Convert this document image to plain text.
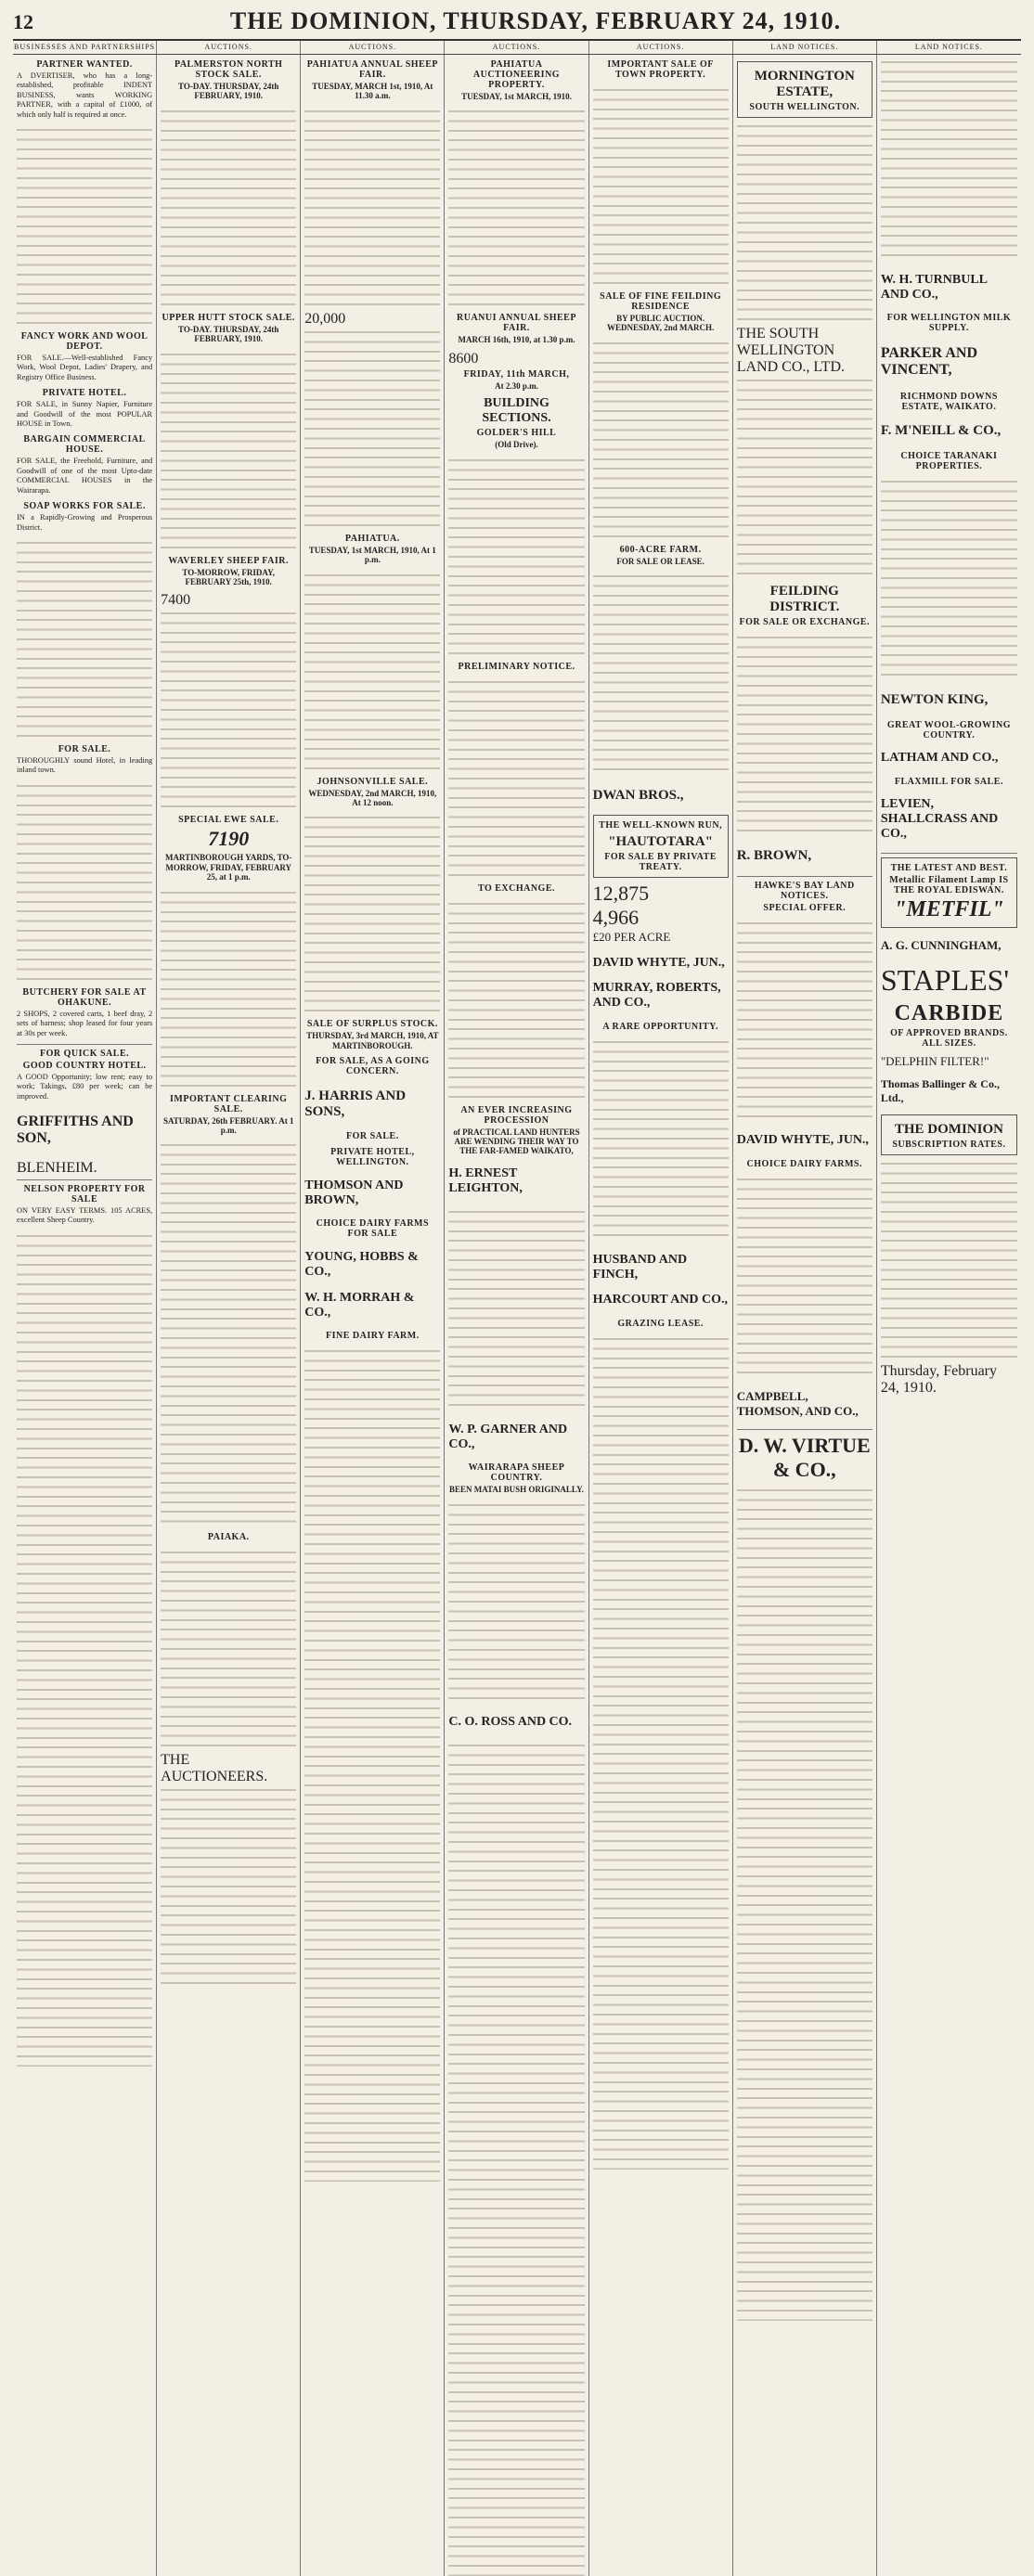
12	THE DOMINION, THURSDAY, FEBRUARY 24, 1910.
BUSINESSES AND PARTNERSHIPS	AUCTIONS.	AUCTIONS.	AUCTIONS.	AUCTIONS.	LAND NOTICES.	LAND NOTICES.
PARTNER WANTED.

A DVERTISER, who has a long-established, profitable INDENT BUSINESS, wants WORKING PARTNER, with a capital of £1000, of which only half is required at once.

FANCY WORK AND WOOL DEPOT.

FOR SALE.—Well-established Fancy Work, Wool Depot, Ladies' Drapery, and Registry Office Business.

PRIVATE HOTEL.

FOR SALE, in Sunny Napier, Furniture and Goodwill of the most POPULAR HOUSE in Town.

BARGAIN COMMERCIAL HOUSE.

FOR SALE, the Freehold, Furniture, and Goodwill of one of the most Upto-date COMMERCIAL HOUSES in the Wairarapa.

SOAP WORKS FOR SALE.

IN a Rapidly-Growing and Prosperous District.

FOR SALE.

THOROUGHLY sound Hotel, in leading inland town.

BUTCHERY FOR SALE AT OHAKUNE.

2 SHOPS, 2 covered carts, 1 beef dray, 2 sets of harness; shop leased for four years at 30s per week.

FOR QUICK SALE.
GOOD COUNTRY HOTEL.

A GOOD Opportunity; low rent; easy to work; Takings, £80 per week; can be improved.

GRIFFITHS AND SON,
BLENHEIM.
NELSON PROPERTY FOR SALE

ON VERY EASY TERMS. 105 ACRES, excellent Sheep Country.

PALMERSTON NORTH STOCK SALE.

TO-DAY. THURSDAY, 24th FEBRUARY, 1910.

UPPER HUTT STOCK SALE.

TO-DAY. THURSDAY, 24th FEBRUARY, 1910.

WAVERLEY SHEEP FAIR.

TO-MORROW, FRIDAY, FEBRUARY 25th, 1910.

7400
SPECIAL EWE SALE.
7190

MARTINBOROUGH YARDS, TO-MORROW, FRIDAY, FEBRUARY 25, at 1 p.m.

IMPORTANT CLEARING SALE.

SATURDAY, 26th FEBRUARY. At 1 p.m.

PAIAKA.
THE AUCTIONEERS.
PAHIATUA ANNUAL SHEEP FAIR.

TUESDAY, MARCH 1st, 1910, At 11.30 a.m.

20,000
PAHIATUA.

TUESDAY, 1st MARCH, 1910, At 1 p.m.

JOHNSONVILLE SALE.

WEDNESDAY, 2nd MARCH, 1910, At 12 noon.

SALE OF SURPLUS STOCK.

THURSDAY, 3rd MARCH, 1910, AT MARTINBOROUGH.

FOR SALE, AS A GOING CONCERN.
J. HARRIS AND SONS,
FOR SALE.
PRIVATE HOTEL, WELLINGTON.
THOMSON AND BROWN,
CHOICE DAIRY FARMS FOR SALE
YOUNG, HOBBS & CO.,
W. H. MORRAH & CO.,
FINE DAIRY FARM.
PAHIATUA AUCTIONEERING PROPERTY.

TUESDAY, 1st MARCH, 1910.

RUANUI ANNUAL SHEEP FAIR.

MARCH 16th, 1910, at 1.30 p.m.

8600
FRIDAY, 11th MARCH,

At 2.30 p.m.

BUILDING SECTIONS.
GOLDER'S HILL

(Old Drive).

PRELIMINARY NOTICE.
TO EXCHANGE.
AN EVER INCREASING PROCESSION

of PRACTICAL LAND HUNTERS ARE WENDING THEIR WAY TO THE FAR-FAMED WAIKATO,

H. ERNEST LEIGHTON,
W. P. GARNER AND CO.,
WAIRARAPA SHEEP COUNTRY.

BEEN MATAI BUSH ORIGINALLY.

C. O. ROSS AND CO.
IMPORTANT SALE OF TOWN PROPERTY.
SALE OF FINE FEILDING RESIDENCE

BY PUBLIC AUCTION. WEDNESDAY, 2nd MARCH.

600-ACRE FARM.

FOR SALE OR LEASE.

DWAN BROS.,
THE WELL-KNOWN RUN,
"HAUTOTARA"
FOR SALE BY PRIVATE TREATY.
12,875
4,966
£20 PER ACRE
DAVID WHYTE, JUN.,
MURRAY, ROBERTS, AND CO.,
A RARE OPPORTUNITY.
HUSBAND AND FINCH,
HARCOURT AND CO.,
GRAZING LEASE.
MORNINGTON ESTATE,
SOUTH WELLINGTON.
THE SOUTH WELLINGTON LAND CO., LTD.
FEILDING DISTRICT.
FOR SALE OR EXCHANGE.
R. BROWN,
HAWKE'S BAY LAND NOTICES.
SPECIAL OFFER.
DAVID WHYTE, JUN.,
CHOICE DAIRY FARMS.
CAMPBELL, THOMSON, AND CO.,
D. W. VIRTUE & CO.,
W. H. TURNBULL AND CO.,
FOR WELLINGTON MILK SUPPLY.
PARKER AND VINCENT,
RICHMOND DOWNS ESTATE, WAIKATO.
F. M'NEILL & CO.,
CHOICE TARANAKI PROPERTIES.
NEWTON KING,
GREAT WOOL-GROWING COUNTRY.
LATHAM AND CO.,
FLAXMILL FOR SALE.
LEVIEN, SHALLCRASS AND CO.,
THE LATEST AND BEST.
Metallic Filament Lamp IS THE ROYAL EDISWAN.
"METFIL"
A. G. CUNNINGHAM,
STAPLES'
CARBIDE
OF APPROVED BRANDS. ALL SIZES.
"DELPHIN FILTER!"
Thomas Ballinger & Co., Ltd.,
THE DOMINION
SUBSCRIPTION RATES.
Thursday, February 24, 1910.
